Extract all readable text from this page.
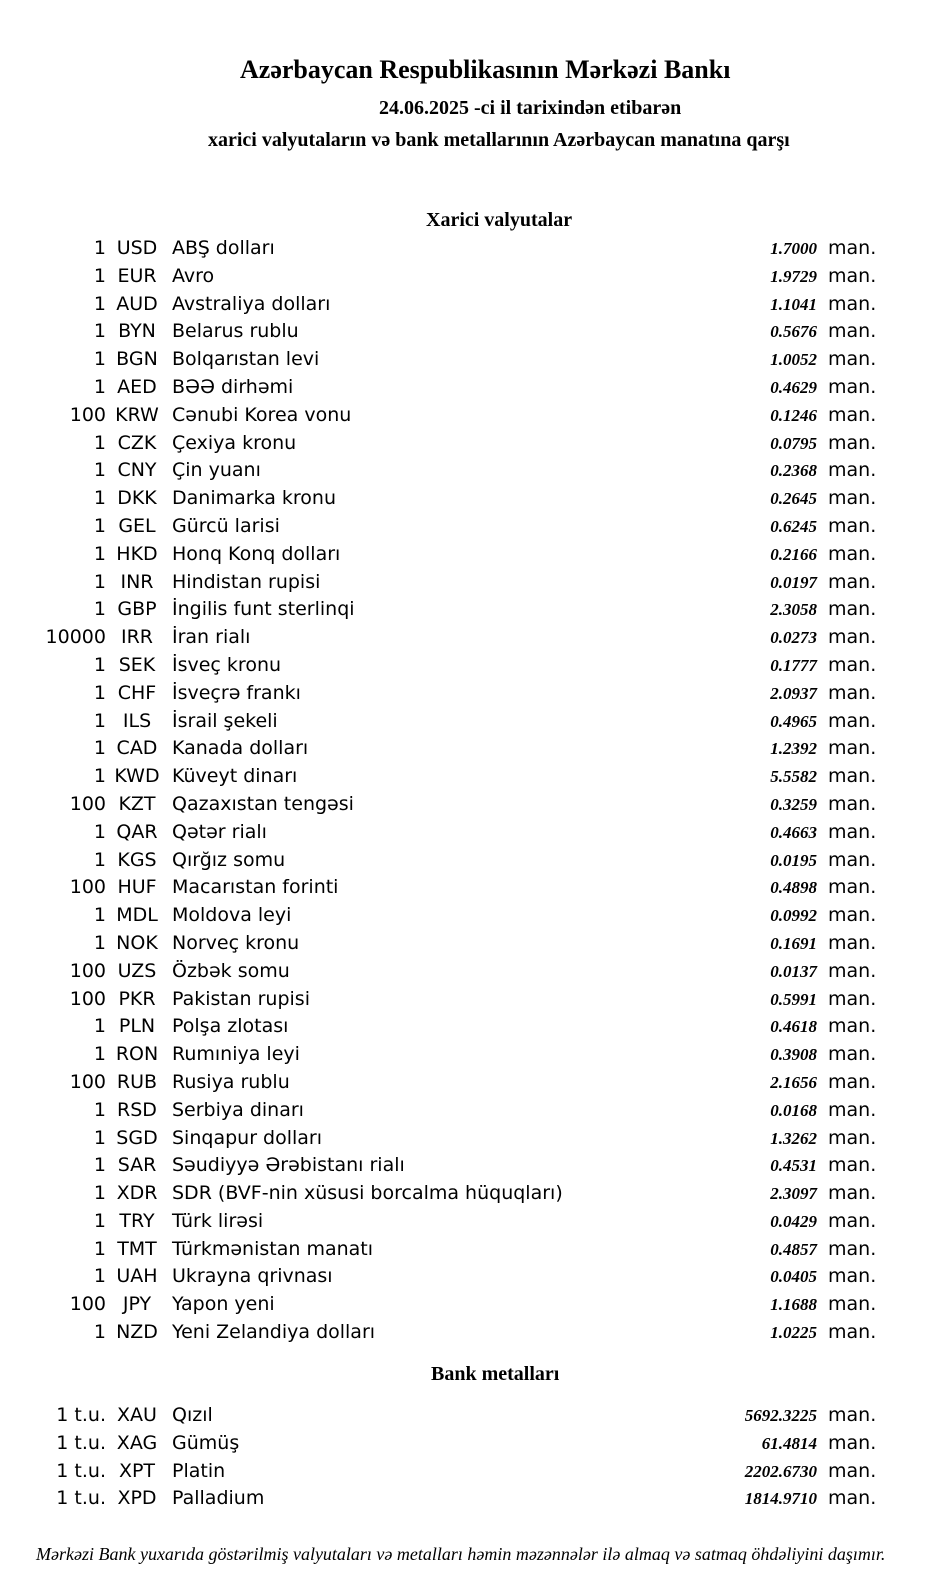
Azərbaycan Respublikasının Mərkəzi Bankı
24.06.2025 -ci il tarixindən etibarən
xarici valyutaların və bank metallarının Azərbaycan manatına qarşı
Xarici valyutalar
1 USD ABŞ dolları	1.7000 man.
1 EUR Avro	1.9729 man.
1 AUD Avstraliya dolları	1.1041 man.
1 BYN Belarus rublu	0.5676 man.
1 BGN Bolqarıstan levi	1.0052 man.
1 AED BƏƏ dirhəmi	0.4629 man.
100 KRW Cənubi Korea vonu	0.1246 man.
1 CZK Çexiya kronu	0.0795 man.
1 CNY Çin yuanı	0.2368 man.
1 DKK Danimarka kronu	0.2645 man.
1 GEL Gürcü larisi	0.6245 man.
1 HKD Honq Konq dolları	0.2166 man.
1 INR Hindistan rupisi	0.0197 man.
1 GBP İngilis funt sterlinqi	2.3058 man.
10000 IRR	İran rialı	0.0273 man.
1 SEK İsveç kronu	0.1777 man.
1 CHF İsveçrə frankı	2.0937 man.
1 ILS	İsrail şekeli	0.4965 man.
1 CAD Kanada dolları	1.2392 man.
1 KWD Küveyt dinarı	5.5582 man.
100 KZT Qazaxıstan tengəsi	0.3259 man.
1 QAR Qətər rialı	0.4663 man.
1 KGS Qırğız somu	0.0195 man.
100 HUF Macarıstan forinti	0.4898 man.
1 MDL Moldova leyi	0.0992 man.
1 NOK Norveç kronu	0.1691 man.
100 UZS Özbək somu	0.0137 man.
100 PKR Pakistan rupisi	0.5991 man.
1 PLN Polşa zlotası	0.4618 man.
1 RON Rumıniya leyi	0.3908 man.
100 RUB Rusiya rublu	2.1656 man.
1 RSD Serbiya dinarı	0.0168 man.
1 SGD Sinqapur dolları	1.3262 man.
1 SAR Səudiyyə Ərəbistanı rialı	0.4531 man.
1 XDR SDR (BVF-nin xüsusi borcalma hüquqları)	2.3097 man.
1 TRY Türk lirəsi	0.0429 man.
1 TMT Türkmənistan manatı	0.4857 man.
1 UAH Ukrayna qrivnası	0.0405 man.
100 JPY	Yapon yeni	1.1688 man.
1 NZD Yeni Zelandiya dolları	1.0225 man.
Bank metalları
1 t.u. XAU Qızıl	5692.3225 man.
1 t.u. XAG Gümüş	61.4814 man.
1 t.u. XPT Platin	2202.6730 man.
1 t.u. XPD Palladium	1814.9710 man.
Mərkəzi Bank yuxarıda göstərilmiş valyutaları və metalları həmin məzənnələr ilə almaq və satmaq öhdəliyini daşımır.
